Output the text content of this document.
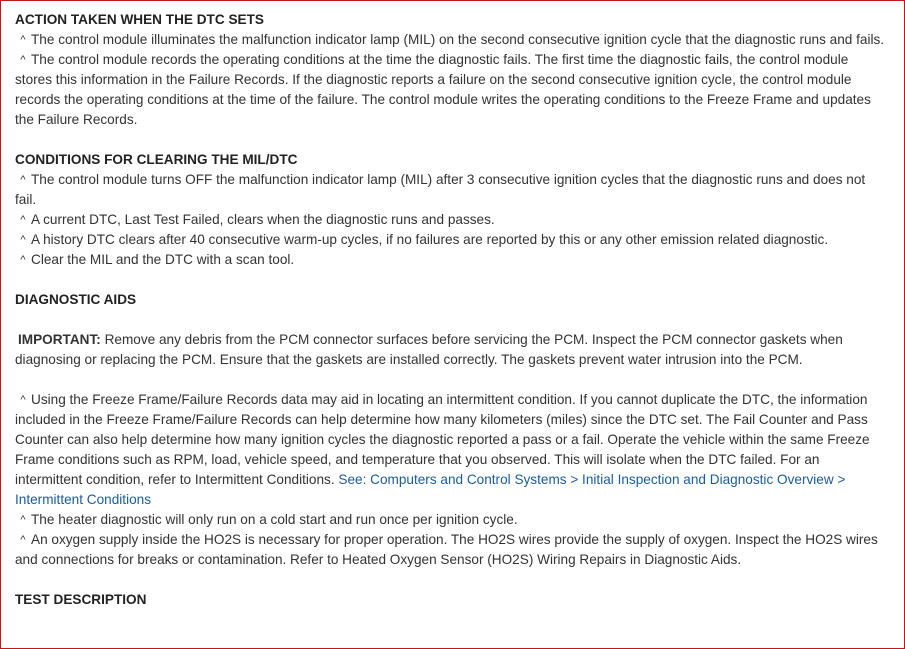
ACTION TAKEN WHEN THE DTC SETS

^ The control module illuminates the malfunction indicator lamp (MIL) on the second consecutive ignition cycle that the diagnostic runs and fails.

^ The control module records the operating conditions at the time the diagnostic fails. The first time the diagnostic fails, the control module stores this information in the Failure Records. If the diagnostic reports a failure on the second consecutive ignition cycle, the control module records the operating conditions at the time of the failure. The control module writes the operating conditions to the Freeze Frame and updates the Failure Records.

CONDITIONS FOR CLEARING THE MIL/DTC

^ The control module turns OFF the malfunction indicator lamp (MIL) after 3 consecutive ignition cycles that the diagnostic runs and does not fail.

^ A current DTC, Last Test Failed, clears when the diagnostic runs and passes.

^ A history DTC clears after 40 consecutive warm-up cycles, if no failures are reported by this or any other emission related diagnostic.

^ Clear the MIL and the DTC with a scan tool.

DIAGNOSTIC AIDS

IMPORTANT: Remove any debris from the PCM connector surfaces before servicing the PCM. Inspect the PCM connector gaskets when diagnosing or replacing the PCM. Ensure that the gaskets are installed correctly. The gaskets prevent water intrusion into the PCM.

^ Using the Freeze Frame/Failure Records data may aid in locating an intermittent condition. If you cannot duplicate the DTC, the information included in the Freeze Frame/Failure Records can help determine how many kilometers (miles) since the DTC set. The Fail Counter and Pass Counter can also help determine how many ignition cycles the diagnostic reported a pass or a fail. Operate the vehicle within the same Freeze Frame conditions such as RPM, load, vehicle speed, and temperature that you observed. This will isolate when the DTC failed. For an intermittent condition, refer to Intermittent Conditions. See: Computers and Control Systems > Initial Inspection and Diagnostic Overview > Intermittent Conditions

^ The heater diagnostic will only run on a cold start and run once per ignition cycle.

^ An oxygen supply inside the HO2S is necessary for proper operation. The HO2S wires provide the supply of oxygen. Inspect the HO2S wires and connections for breaks or contamination. Refer to Heated Oxygen Sensor (HO2S) Wiring Repairs in Diagnostic Aids.

TEST DESCRIPTION
